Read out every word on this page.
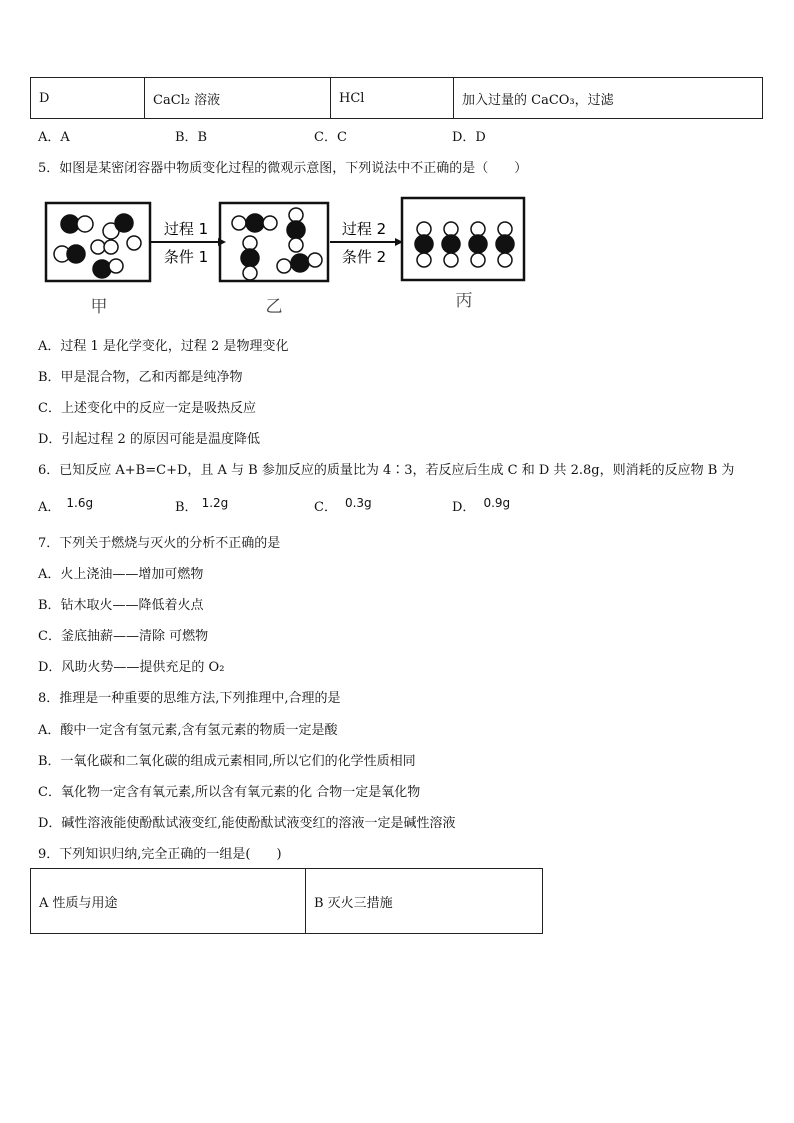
D	CaCl₂ 溶液	HCl	加入过量的 CaCO₃，过滤
A．A	B．B	C．C	D．D
5．如图是某密闭容器中物质变化过程的微观示意图，下列说法中不正确的是（　　）
过程 1
条件 1
过程 2
条件 2
甲	乙	丙
A．过程 1 是化学变化，过程 2 是物理变化
B．甲是混合物，乙和丙都是纯净物
C．上述变化中的反应一定是吸热反应
D．引起过程 2 的原因可能是温度降低
6．已知反应 A+B=C+D，且 A 与 B 参加反应的质量比为 4∶3，若反应后生成 C 和 D 共 2.8g，则消耗的反应物 B 为
A． 1.6g	B． 1.2g	C． 0.3g	D． 0.9g
7．下列关于燃烧与灭火的分析不正确的是
A．火上浇油——增加可燃物
B．钻木取火——降低着火点
C．釜底抽薪——清除 可燃物
D．风助火势——提供充足的 O₂
8．推理是一种重要的思维方法,下列推理中,合理的是
A．酸中一定含有氢元素,含有氢元素的物质一定是酸
B．一氧化碳和二氧化碳的组成元素相同,所以它们的化学性质相同
C．氧化物一定含有氧元素,所以含有氧元素的化 合物一定是氧化物
D．碱性溶液能使酚酞试液变红,能使酚酞试液变红的溶液一定是碱性溶液
9．下列知识归纳,完全正确的一组是(　　)
A 性质与用途	B 灭火三措施
